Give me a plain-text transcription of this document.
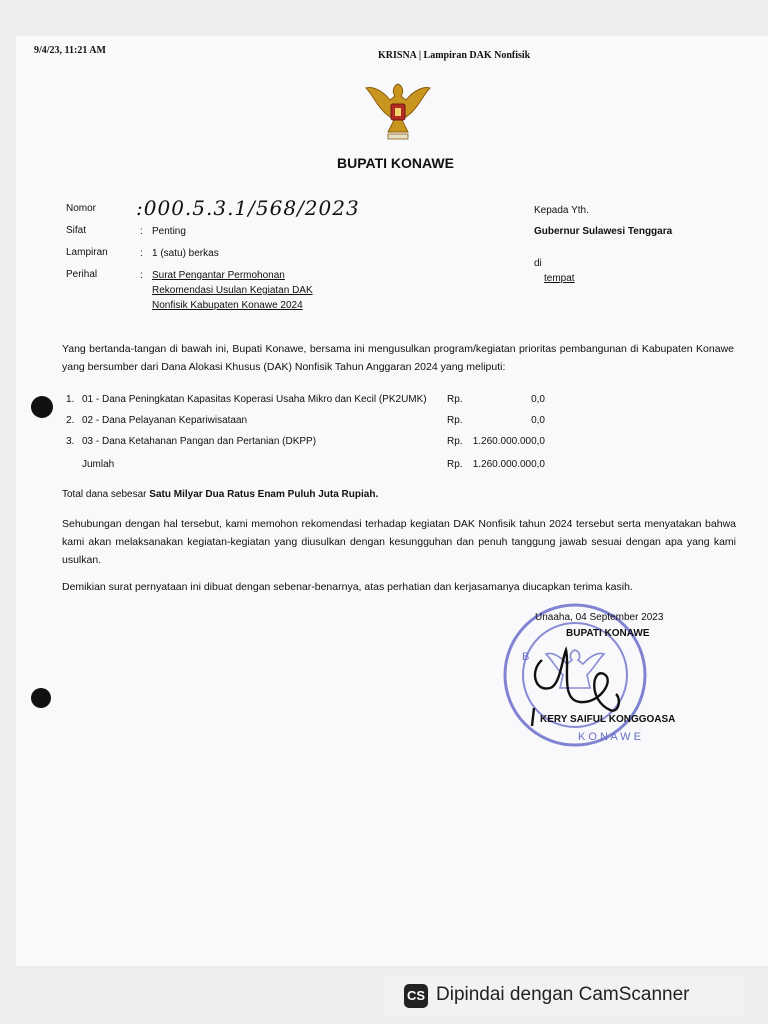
9/4/23, 11:21 AM	KRISNA | Lampiran DAK Nonfisik
BUPATI KONAWE
Nomor :000.5.3.1/568/2023
Sifat	: Penting
Lampiran	: 1 (satu) berkas
Perihal	: Surat Pengantar Permohonan
Rekomendasi Usulan Kegiatan DAK
Nonfisik Kabupaten Konawe 2024
Kepada Yth.
Gubernur Sulawesi Tenggara
di
tempat
Yang bertanda-tangan di bawah ini, Bupati Konawe, bersama ini mengusulkan program/kegiatan prioritas pembangunan di Kabupaten Konawe yang bersumber dari Dana Alokasi Khusus (DAK) Nonfisik Tahun Anggaran 2024 yang meliputi:
1. 01 - Dana Peningkatan Kapasitas Koperasi Usaha Mikro dan Kecil (PK2UMK) Rp.	0,0
2. 02 - Dana Pelayanan Kepariwisataan	Rp.	0,0
3. 03 - Dana Ketahanan Pangan dan Pertanian (DKPP)	Rp. 1.260.000.000,0
Jumlah	Rp. 1.260.000.000,0
Total dana sebesar Satu Milyar Dua Ratus Enam Puluh Juta Rupiah.
Sehubungan dengan hal tersebut, kami memohon rekomendasi terhadap kegiatan DAK Nonfisik tahun 2024 tersebut serta menyatakan bahwa kami akan melaksanakan kegiatan-kegiatan yang diusulkan dengan kesungguhan dan penuh tanggung jawab sesuai dengan apa yang kami usulkan.
Demikian surat pernyataan ini dibuat dengan sebenar-benarnya, atas perhatian dan kerjasamanya diucapkan terima kasih.
B
K O N A W E
Unaaha, 04 September 2023
BUPATI KONAWE
KERY SAIFUL KONGGOASA
CS Dipindai dengan CamScanner
